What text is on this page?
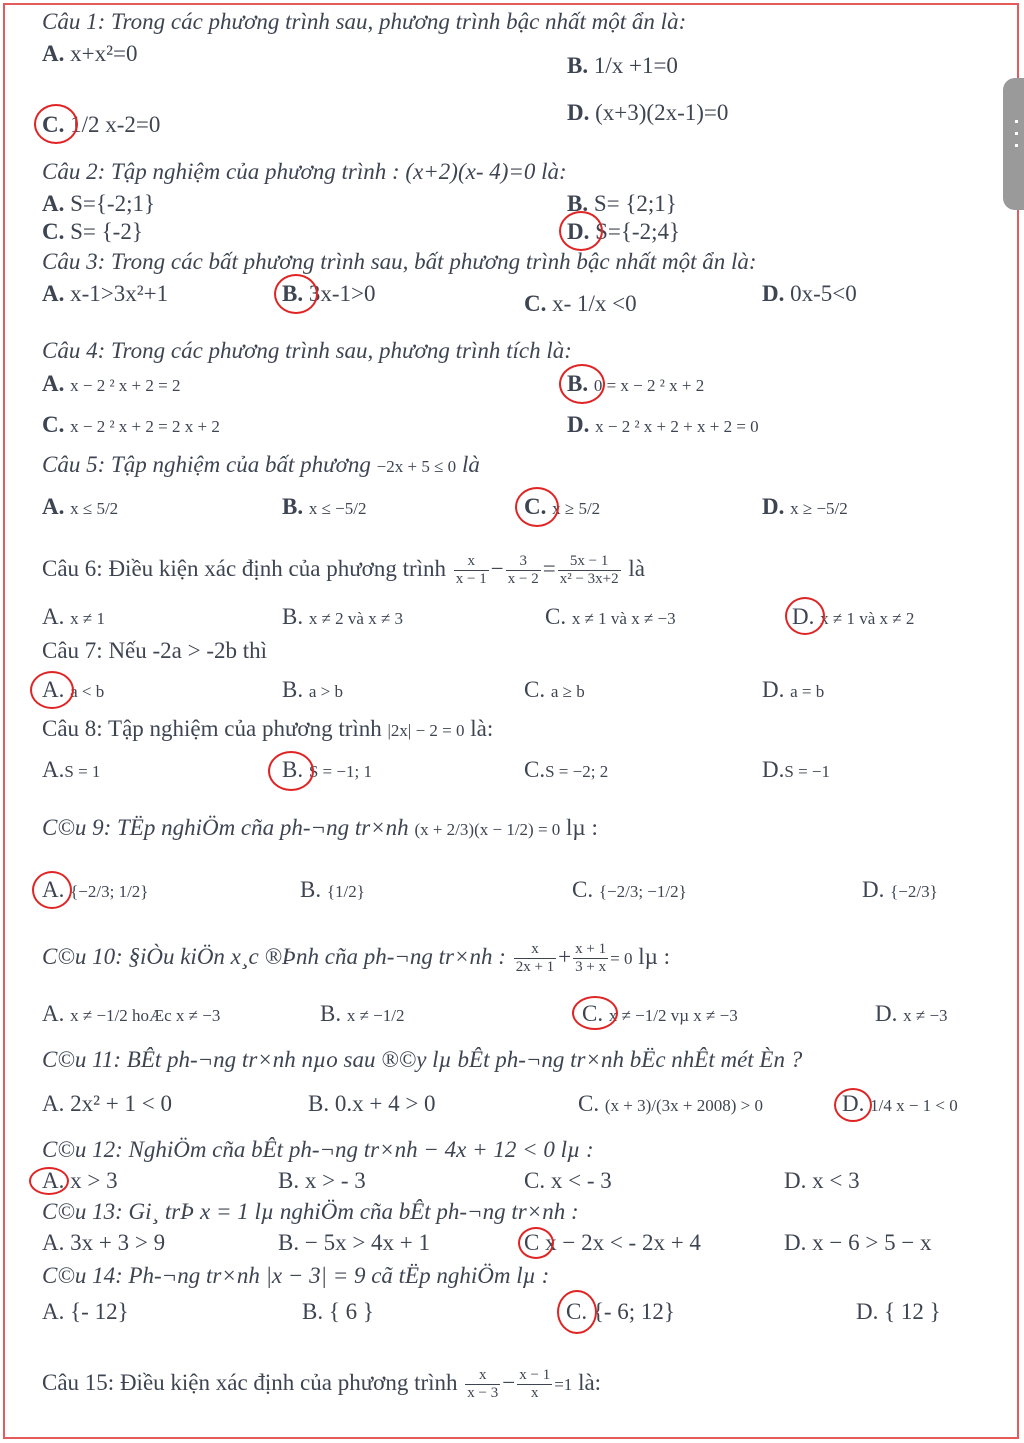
Câu 1: Trong các phương trình sau, phương trình bậc nhất một ẩn là:
A. x+x²=0	B. 1/x +1=0
C. 1/2 x-2=0	D. (x+3)(2x-1)=0
Câu 2: Tập nghiệm của phương trình : (x+2)(x- 4)=0 là:
A. S={-2;1}	B. S= {2;1}
C. S= {-2}	D. S={-2;4}
Câu 3: Trong các bất phương trình sau, bất phương trình bậc nhất một ẩn là:
A. x-1>3x²+1	B. 3x-1>0	C. x- 1/x <0	D. 0x-5<0
Câu 4: Trong các phương trình sau, phương trình tích là:
A. x − 2 ² x + 2 = 2	B. 0 = x − 2 ² x + 2
C. x − 2 ² x + 2 = 2 x + 2	D. x − 2 ² x + 2 + x + 2 = 0
Câu 5: Tập nghiệm của bất phương −2x + 5 ≤ 0 là
A. x ≤ 5/2	B. x ≤ −5/2	C. x ≥ 5/2	D. x ≥ −5/2
Câu 6: Điều kiện xác định của phương trình $\frac{x}{x - 1} - \frac{3}{x - 2} = \frac{5x - 1}{\text{x² − 3x+2}}$ là
A. x ≠ 1	B. x ≠ 2 và x ≠ 3	C. x ≠ 1 và x ≠ −3	D. x ≠ 1 và x ≠ 2
Câu 7: Nếu -2a > -2b thì
A. a < b	B. a > b	C. a ≥ b	D. a = b
Câu 8: Tập nghiệm của phương trình |2x| − 2 = 0 là:
A.S = 1	B. S = −1; 1	C.S = −2; 2	D.S = −1
C©u 9: TËp nghiÖm cña ph-¬ng tr×nh (x + 2/3)(x − 1/2) = 0 lµ :
A. {−2/3; 1/2}	B. {1/2}	C. {−2/3; −1/2}	D. {−2/3}
C©u 10: §iÒu kiÖn x¸c ®Þnh cña ph-¬ng tr×nh : $\frac{x}{2x + 1} + \frac{x + 1}{3 + x} = 0$ lµ :
A. x ≠ −1/2 hoÆc x ≠ −3	B. x ≠ −1/2	C. x ≠ −1/2 vµ x ≠ −3	D. x ≠ −3
C©u 11: BÊt ph-¬ng tr×nh nµo sau ®©y lµ bÊt ph-¬ng tr×nh bËc nhÊt mét Èn ?
A. 2x² + 1 < 0	B. 0.x + 4 > 0	C. (x + 3)/(3x + 2008) > 0	D. 1/4 x − 1 < 0
C©u 12: NghiÖm cña bÊt ph-¬ng tr×nh − 4x + 12 < 0 lµ :
A. x > 3	B. x > - 3	C. x < - 3	D. x < 3
C©u 13: Gi¸ trÞ x = 1 lµ nghiÖm cña bÊt ph-¬ng tr×nh :
A. 3x + 3 > 9	B. − 5x > 4x + 1	C x − 2x < - 2x + 4	D. x − 6 > 5 − x
C©u 14: Ph-¬ng tr×nh |x − 3| = 9 cã tËp nghiÖm lµ :
A. {- 12}	B. { 6 }	C. {- 6; 12}	D. { 12 }
Câu 15: Điều kiện xác định của phương trình $\frac{x}{x - 3} - \frac{x - 1}{x} =1$ là:
